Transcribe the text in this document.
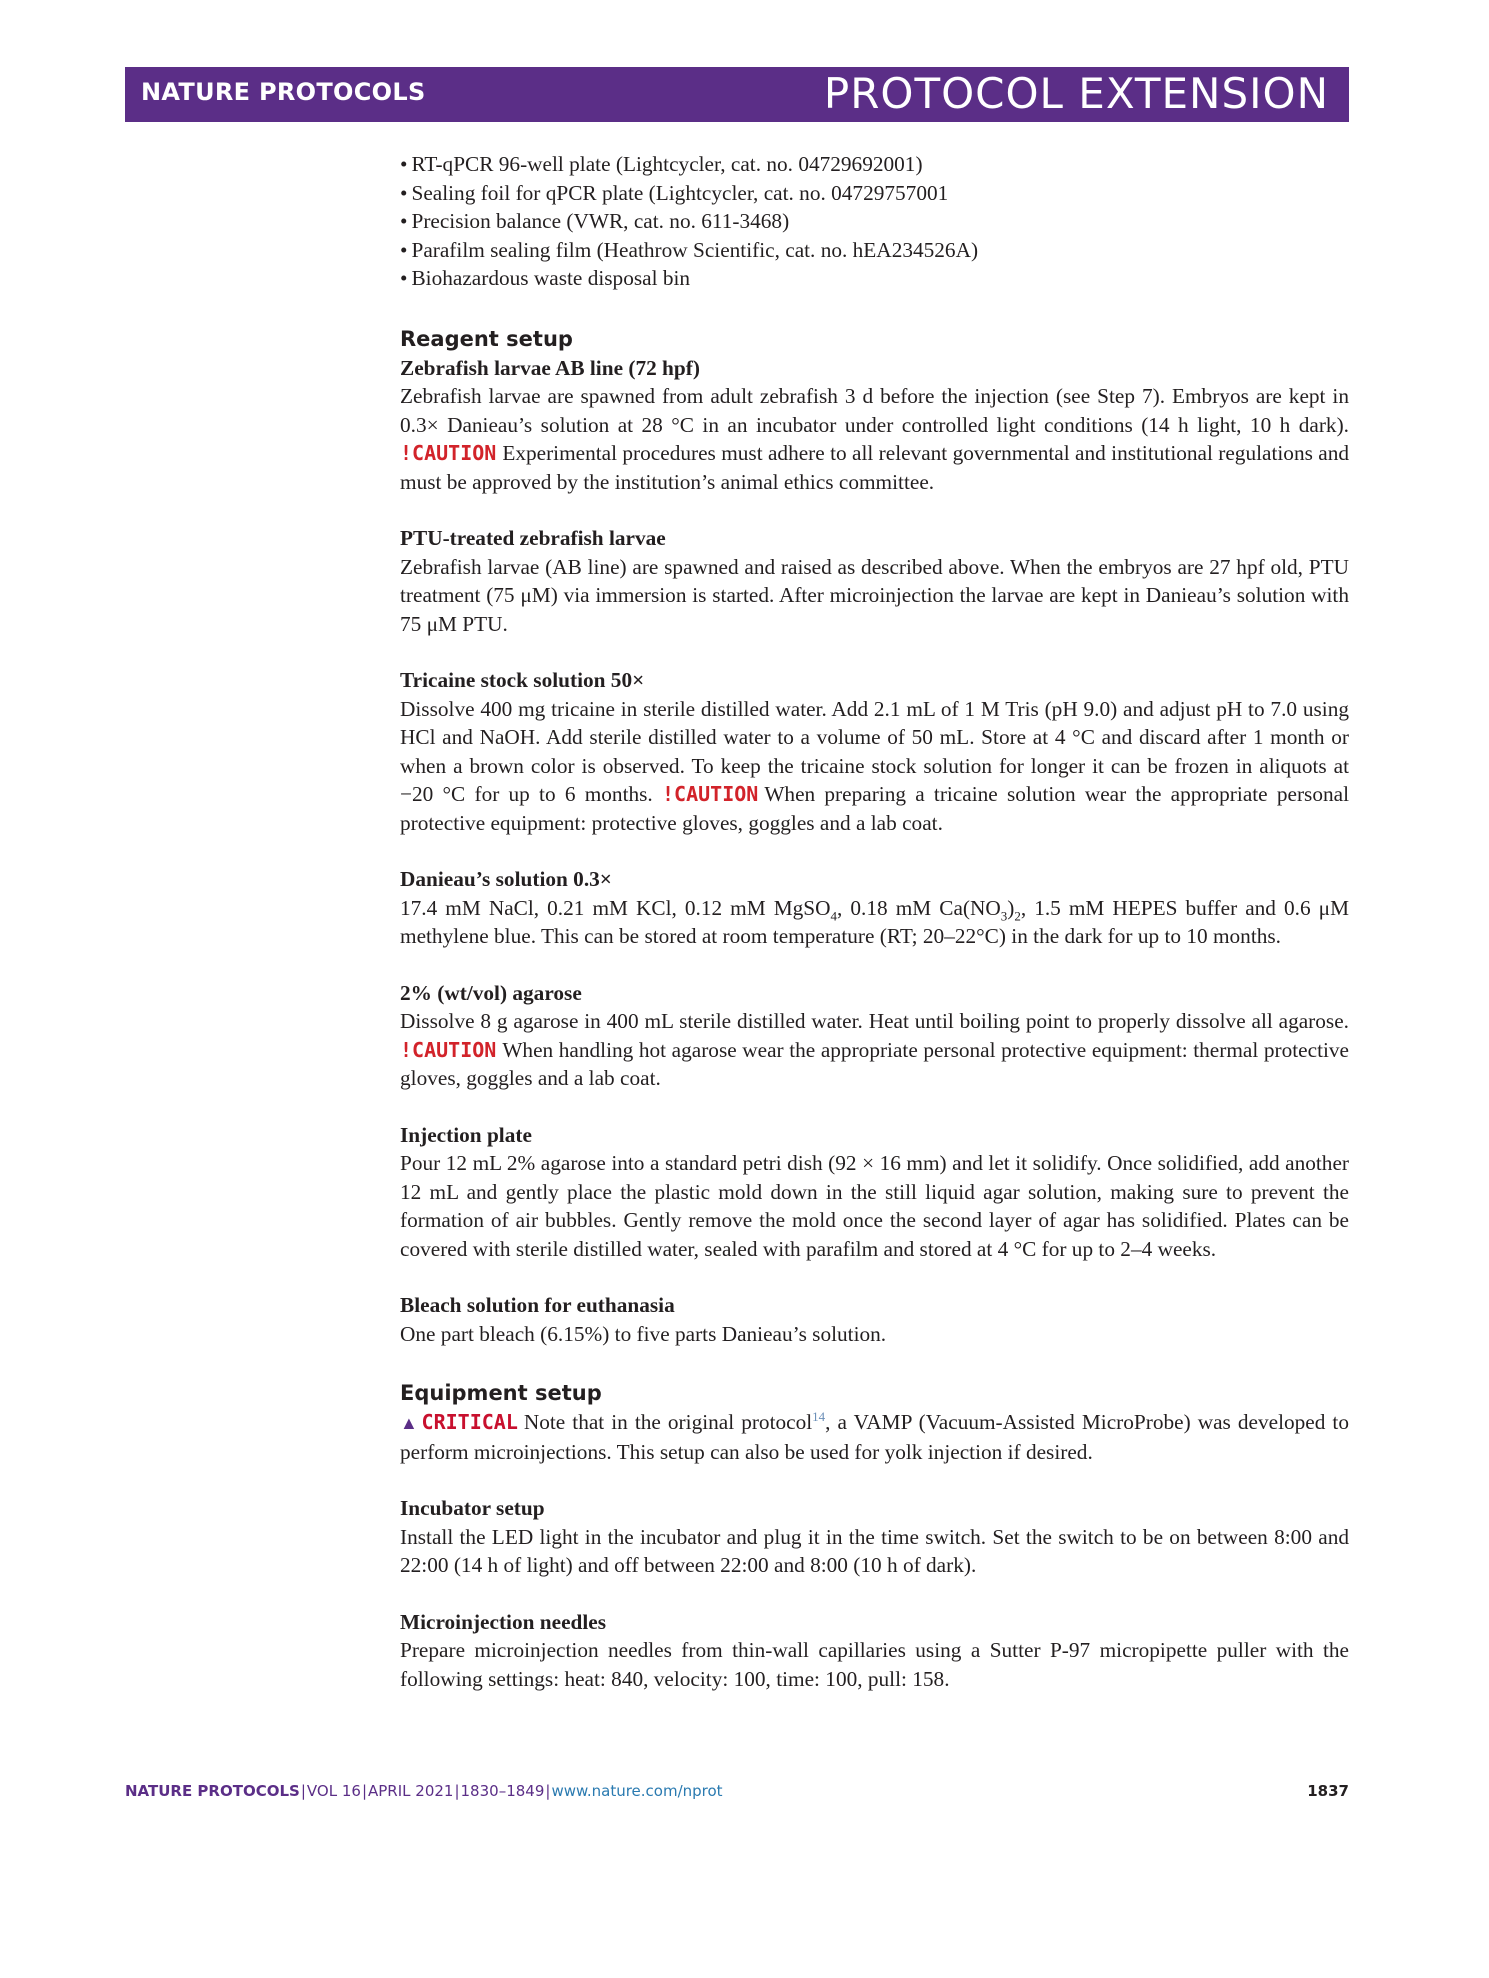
NATURE PROTOCOLS	PROTOCOL EXTENSION
• RT-qPCR 96-well plate (Lightcycler, cat. no. 04729692001)
• Sealing foil for qPCR plate (Lightcycler, cat. no. 04729757001
• Precision balance (VWR, cat. no. 611-3468)
• Parafilm sealing film (Heathrow Scientific, cat. no. hEA234526A)
• Biohazardous waste disposal bin
Reagent setup
Zebrafish larvae AB line (72 hpf)

Zebrafish larvae are spawned from adult zebrafish 3 d before the injection (see Step 7). Embryos are kept in 0.3× Danieau’s solution at 28 °C in an incubator under controlled light conditions (14 h light, 10 h dark). !CAUTION Experimental procedures must adhere to all relevant governmental and institutional regulations and must be approved by the institution’s animal ethics committee.

PTU-treated zebrafish larvae

Zebrafish larvae (AB line) are spawned and raised as described above. When the embryos are 27 hpf old, PTU treatment (75 μM) via immersion is started. After microinjection the larvae are kept in Danieau’s solution with 75 μM PTU.

Tricaine stock solution 50×

Dissolve 400 mg tricaine in sterile distilled water. Add 2.1 mL of 1 M Tris (pH 9.0) and adjust pH to 7.0 using HCl and NaOH. Add sterile distilled water to a volume of 50 mL. Store at 4 °C and discard after 1 month or when a brown color is observed. To keep the tricaine stock solution for longer it can be frozen in aliquots at −20 °C for up to 6 months. !CAUTION When preparing a tricaine solution wear the appropriate personal protective equipment: protective gloves, goggles and a lab coat.

Danieau’s solution 0.3×

17.4 mM NaCl, 0.21 mM KCl, 0.12 mM MgSO$_4$, 0.18 mM $Ca(NO_3)_2$, 1.5 mM HEPES buffer and 0.6 μM methylene blue. This can be stored at room temperature (RT; 20–22°C) in the dark for up to 10 months.

2% (wt/vol) agarose

Dissolve 8 g agarose in 400 mL sterile distilled water. Heat until boiling point to properly dissolve all agarose. !CAUTION When handling hot agarose wear the appropriate personal protective equipment: thermal protective gloves, goggles and a lab coat.

Injection plate

Pour 12 mL 2% agarose into a standard petri dish (92 × 16 mm) and let it solidify. Once solidified, add another 12 mL and gently place the plastic mold down in the still liquid agar solution, making sure to prevent the formation of air bubbles. Gently remove the mold once the second layer of agar has solidified. Plates can be covered with sterile distilled water, sealed with parafilm and stored at 4 °C for up to 2–4 weeks.

Bleach solution for euthanasia

One part bleach (6.15%) to five parts Danieau’s solution.

Equipment setup

▲ CRITICAL Note that in the original protocol$^{14}$, a VAMP (Vacuum-Assisted MicroProbe) was developed to perform microinjections. This setup can also be used for yolk injection if desired.

Incubator setup

Install the LED light in the incubator and plug it in the time switch. Set the switch to be on between 8:00 and 22:00 (14 h of light) and off between 22:00 and 8:00 (10 h of dark).

Microinjection needles

Prepare microinjection needles from thin-wall capillaries using a Sutter P-97 micropipette puller with the following settings: heat: 840, velocity: 100, time: 100, pull: 158.

NATURE PROTOCOLS|VOL 16|APRIL 2021|1830–1849|www.nature.com/nprot	1837
